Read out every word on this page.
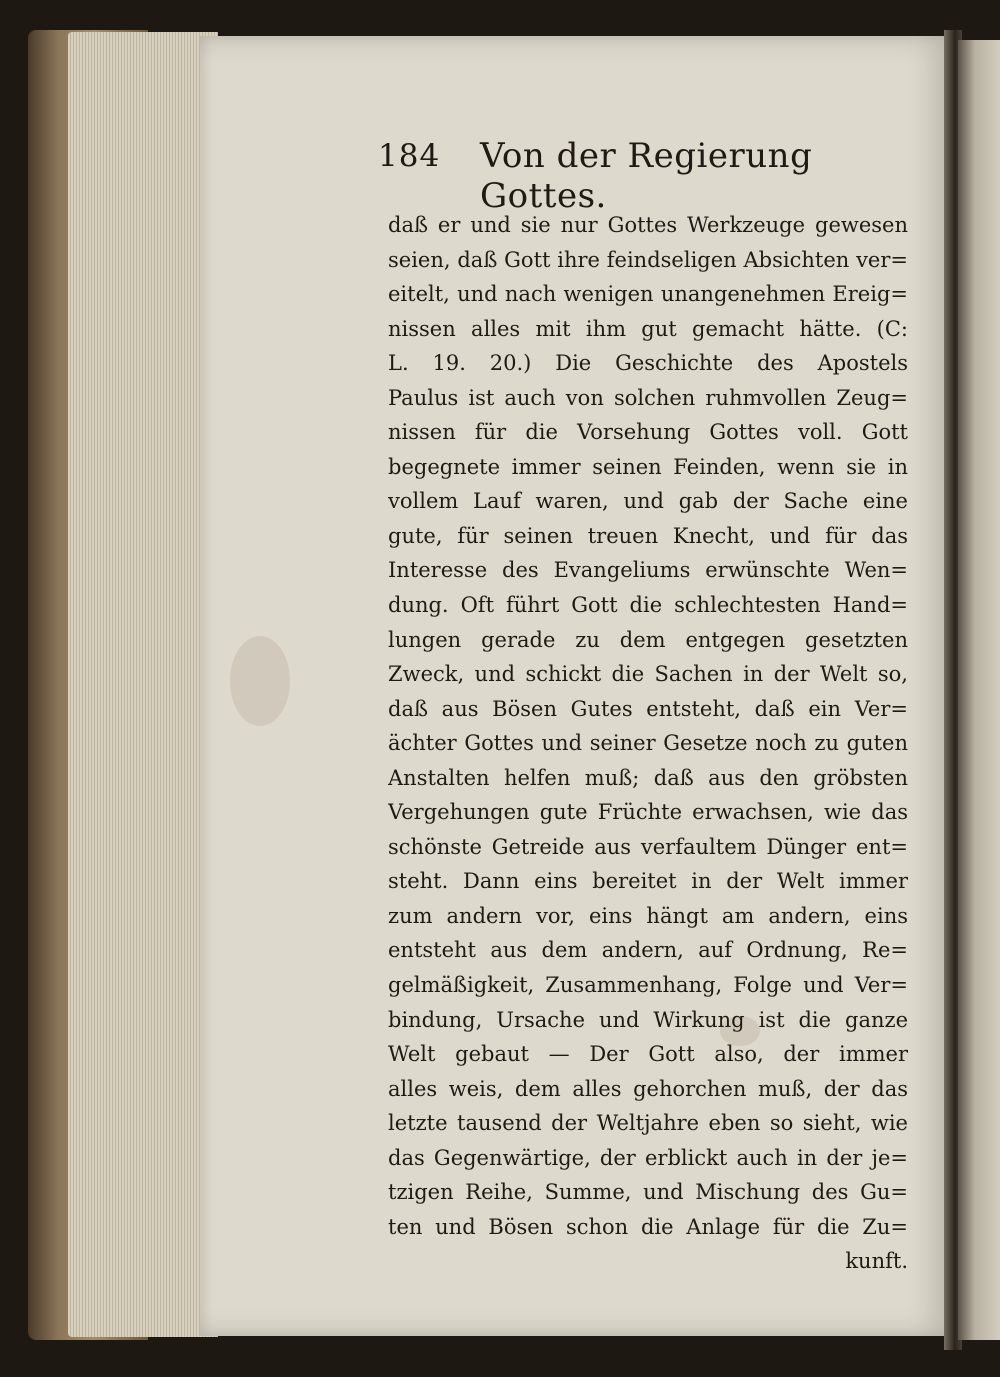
184 Von der Regierung Gottes.
daß er und sie nur Gottes Werkzeuge gewesen
seien, daß Gott ihre feindseligen Absichten ver=
eitelt, und nach wenigen unangenehmen Ereig=
nissen alles mit ihm gut gemacht hätte. (C:
L. 19. 20.) Die Geschichte des Apostels
Paulus ist auch von solchen ruhmvollen Zeug=
nissen für die Vorsehung Gottes voll. Gott
begegnete immer seinen Feinden, wenn sie in
vollem Lauf waren, und gab der Sache eine
gute, für seinen treuen Knecht, und für das
Interesse des Evangeliums erwünschte Wen=
dung. Oft führt Gott die schlechtesten Hand=
lungen gerade zu dem entgegen gesetzten
Zweck, und schickt die Sachen in der Welt so,
daß aus Bösen Gutes entsteht, daß ein Ver=
ächter Gottes und seiner Gesetze noch zu guten
Anstalten helfen muß; daß aus den gröbsten
Vergehungen gute Früchte erwachsen, wie das
schönste Getreide aus verfaultem Dünger ent=
steht. Dann eins bereitet in der Welt immer
zum andern vor, eins hängt am andern, eins
entsteht aus dem andern, auf Ordnung, Re=
gelmäßigkeit, Zusammenhang, Folge und Ver=
bindung, Ursache und Wirkung ist die ganze
Welt gebaut — Der Gott also, der immer
alles weis, dem alles gehorchen muß, der das
letzte tausend der Weltjahre eben so sieht, wie
das Gegenwärtige, der erblickt auch in der je=
tzigen Reihe, Summe, und Mischung des Gu=
ten und Bösen schon die Anlage für die Zu=
kunft.
